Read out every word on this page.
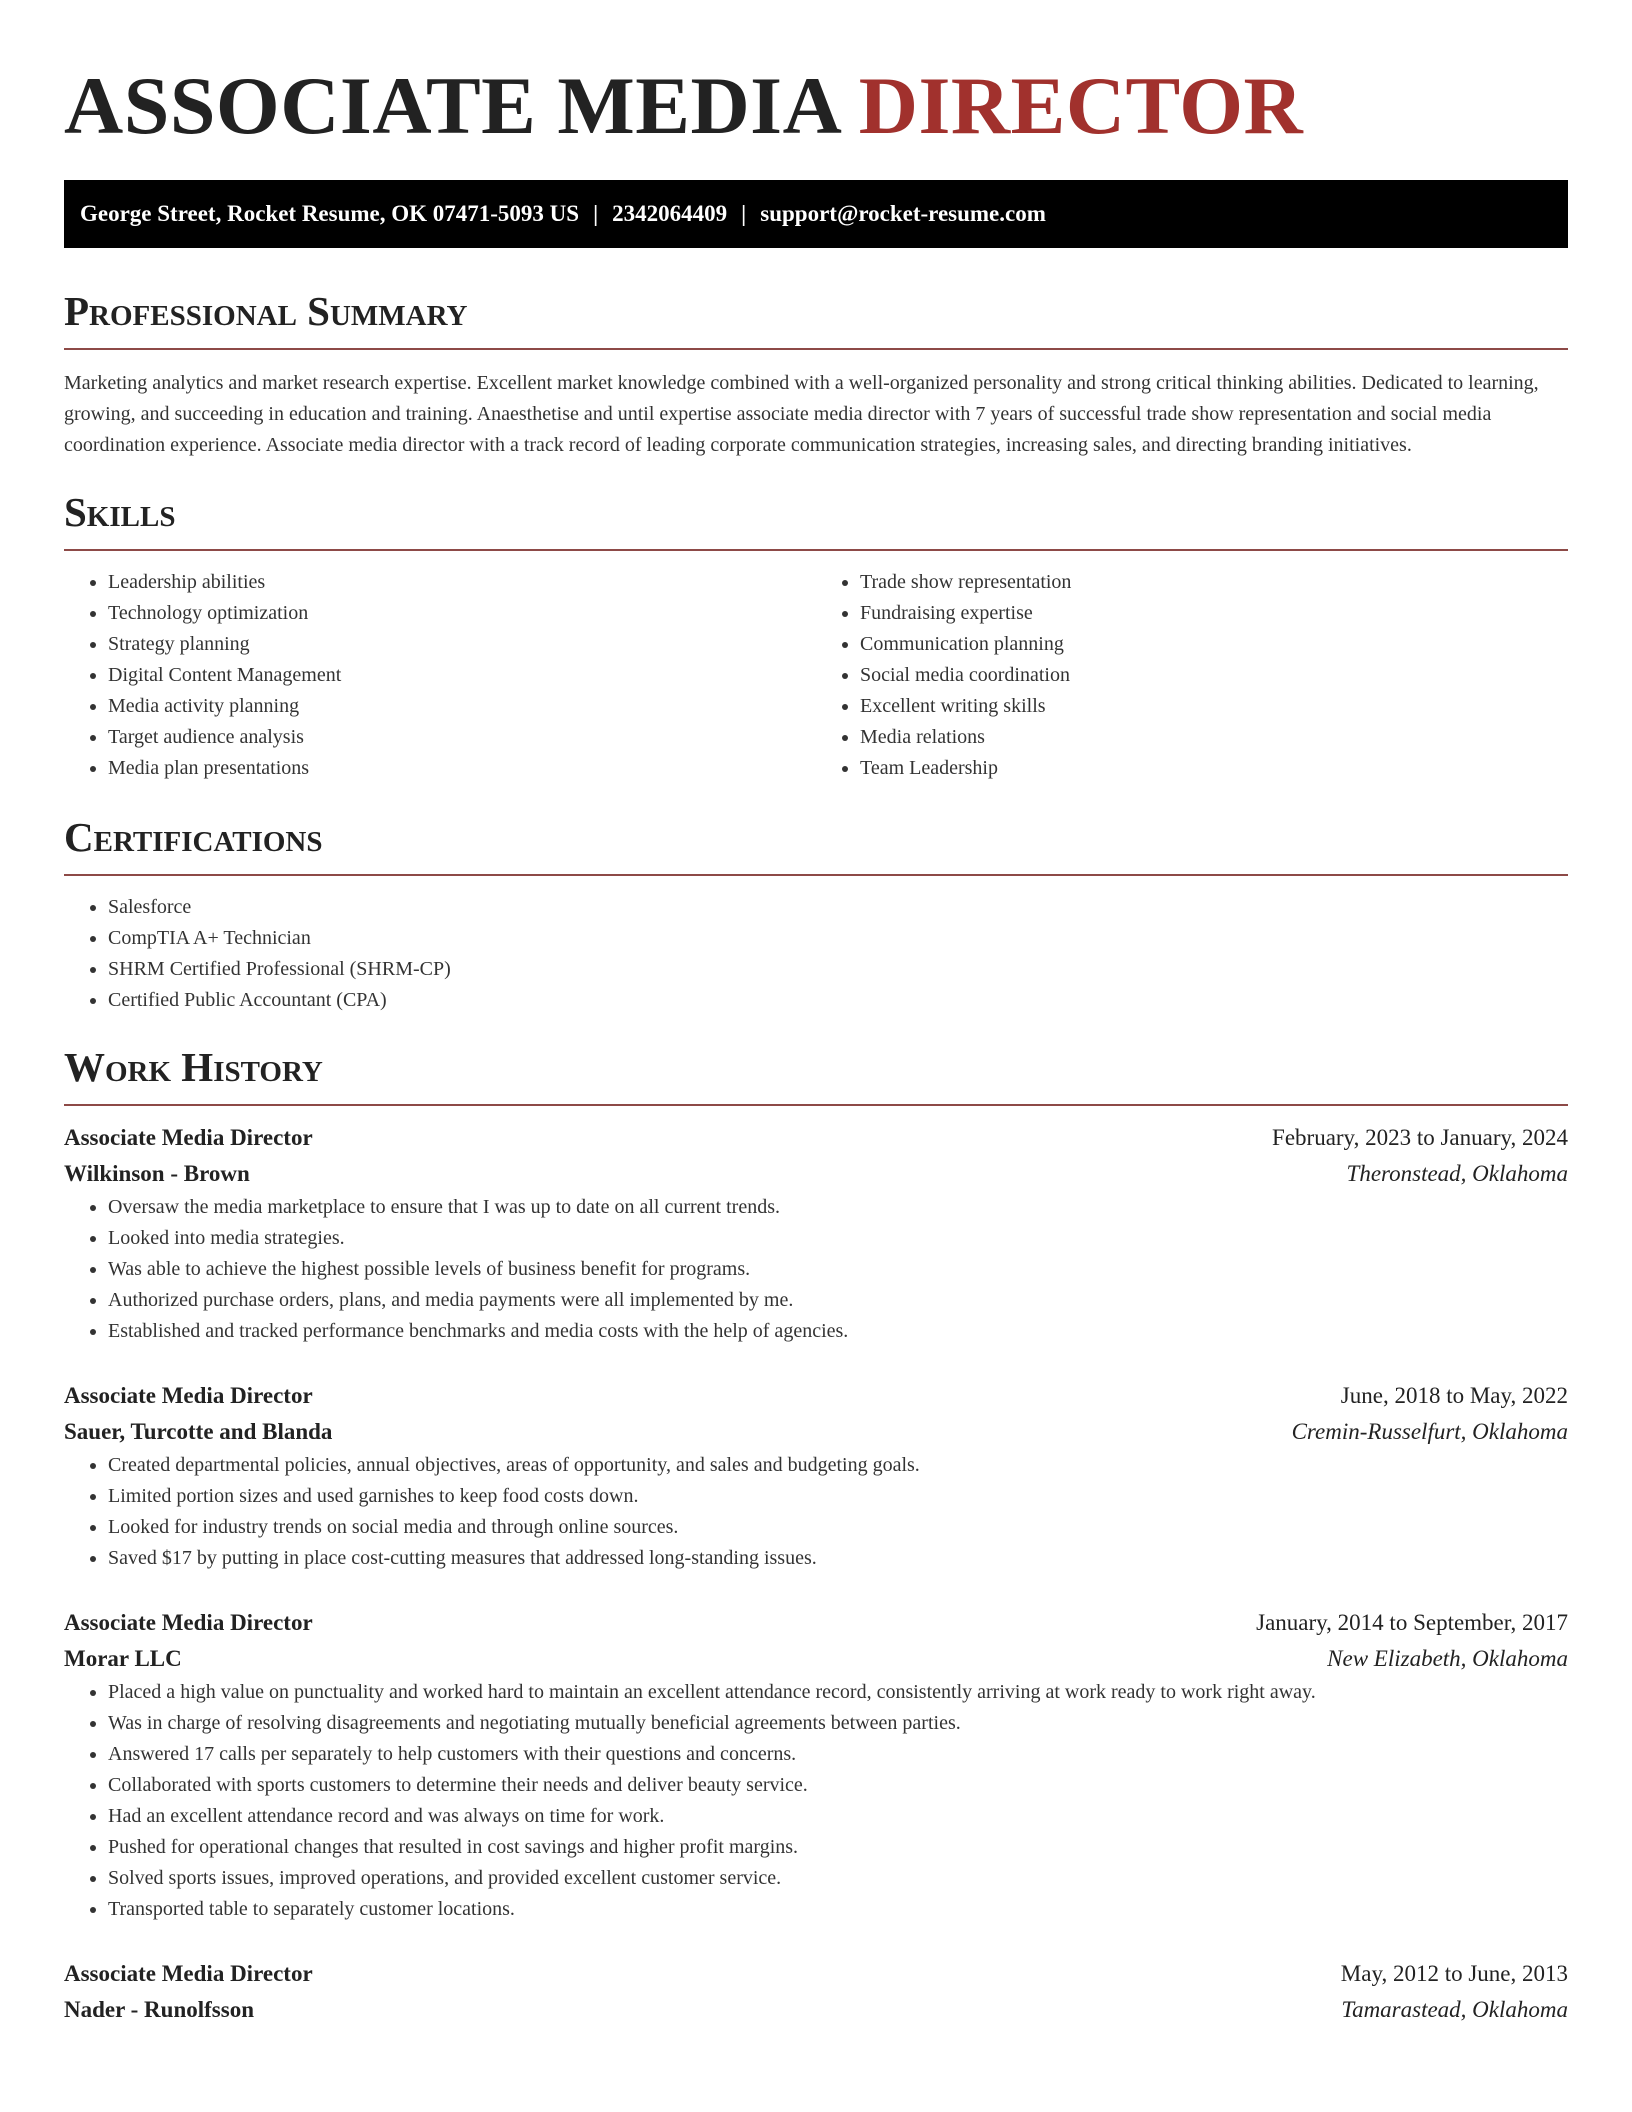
ASSOCIATE MEDIA DIRECTOR
George Street, Rocket Resume, OK 07471-5093 US | 2342064409 | support@rocket-resume.com
Professional Summary

Marketing analytics and market research expertise. Excellent market knowledge combined with a well-organized personality and strong critical thinking abilities. Dedicated to learning, growing, and succeeding in education and training. Anaesthetise and until expertise associate media director with 7 years of successful trade show representation and social media coordination experience. Associate media director with a track record of leading corporate communication strategies, increasing sales, and directing branding initiatives.

Skills
• Leadership abilities
• Technology optimization
• Strategy planning
• Digital Content Management
• Media activity planning
• Target audience analysis
• Media plan presentations
• Trade show representation
• Fundraising expertise
• Communication planning
• Social media coordination
• Excellent writing skills
• Media relations
• Team Leadership
Certifications
• Salesforce
• CompTIA A+ Technician
• SHRM Certified Professional (SHRM-CP)
• Certified Public Accountant (CPA)
Work History
Associate Media Director	February, 2023 to January, 2024
Wilkinson - Brown	Theronstead, Oklahoma
• Oversaw the media marketplace to ensure that I was up to date on all current trends.
• Looked into media strategies.
• Was able to achieve the highest possible levels of business benefit for programs.
• Authorized purchase orders, plans, and media payments were all implemented by me.
• Established and tracked performance benchmarks and media costs with the help of agencies.
Associate Media Director	June, 2018 to May, 2022
Sauer, Turcotte and Blanda	Cremin-Russelfurt, Oklahoma
• Created departmental policies, annual objectives, areas of opportunity, and sales and budgeting goals.
• Limited portion sizes and used garnishes to keep food costs down.
• Looked for industry trends on social media and through online sources.
• Saved $17 by putting in place cost-cutting measures that addressed long-standing issues.
Associate Media Director	January, 2014 to September, 2017
Morar LLC	New Elizabeth, Oklahoma
• Placed a high value on punctuality and worked hard to maintain an excellent attendance record, consistently arriving at work ready to work right away.
• Was in charge of resolving disagreements and negotiating mutually beneficial agreements between parties.
• Answered 17 calls per separately to help customers with their questions and concerns.
• Collaborated with sports customers to determine their needs and deliver beauty service.
• Had an excellent attendance record and was always on time for work.
• Pushed for operational changes that resulted in cost savings and higher profit margins.
• Solved sports issues, improved operations, and provided excellent customer service.
• Transported table to separately customer locations.
Associate Media Director	May, 2012 to June, 2013
Nader - Runolfsson	Tamarastead, Oklahoma
